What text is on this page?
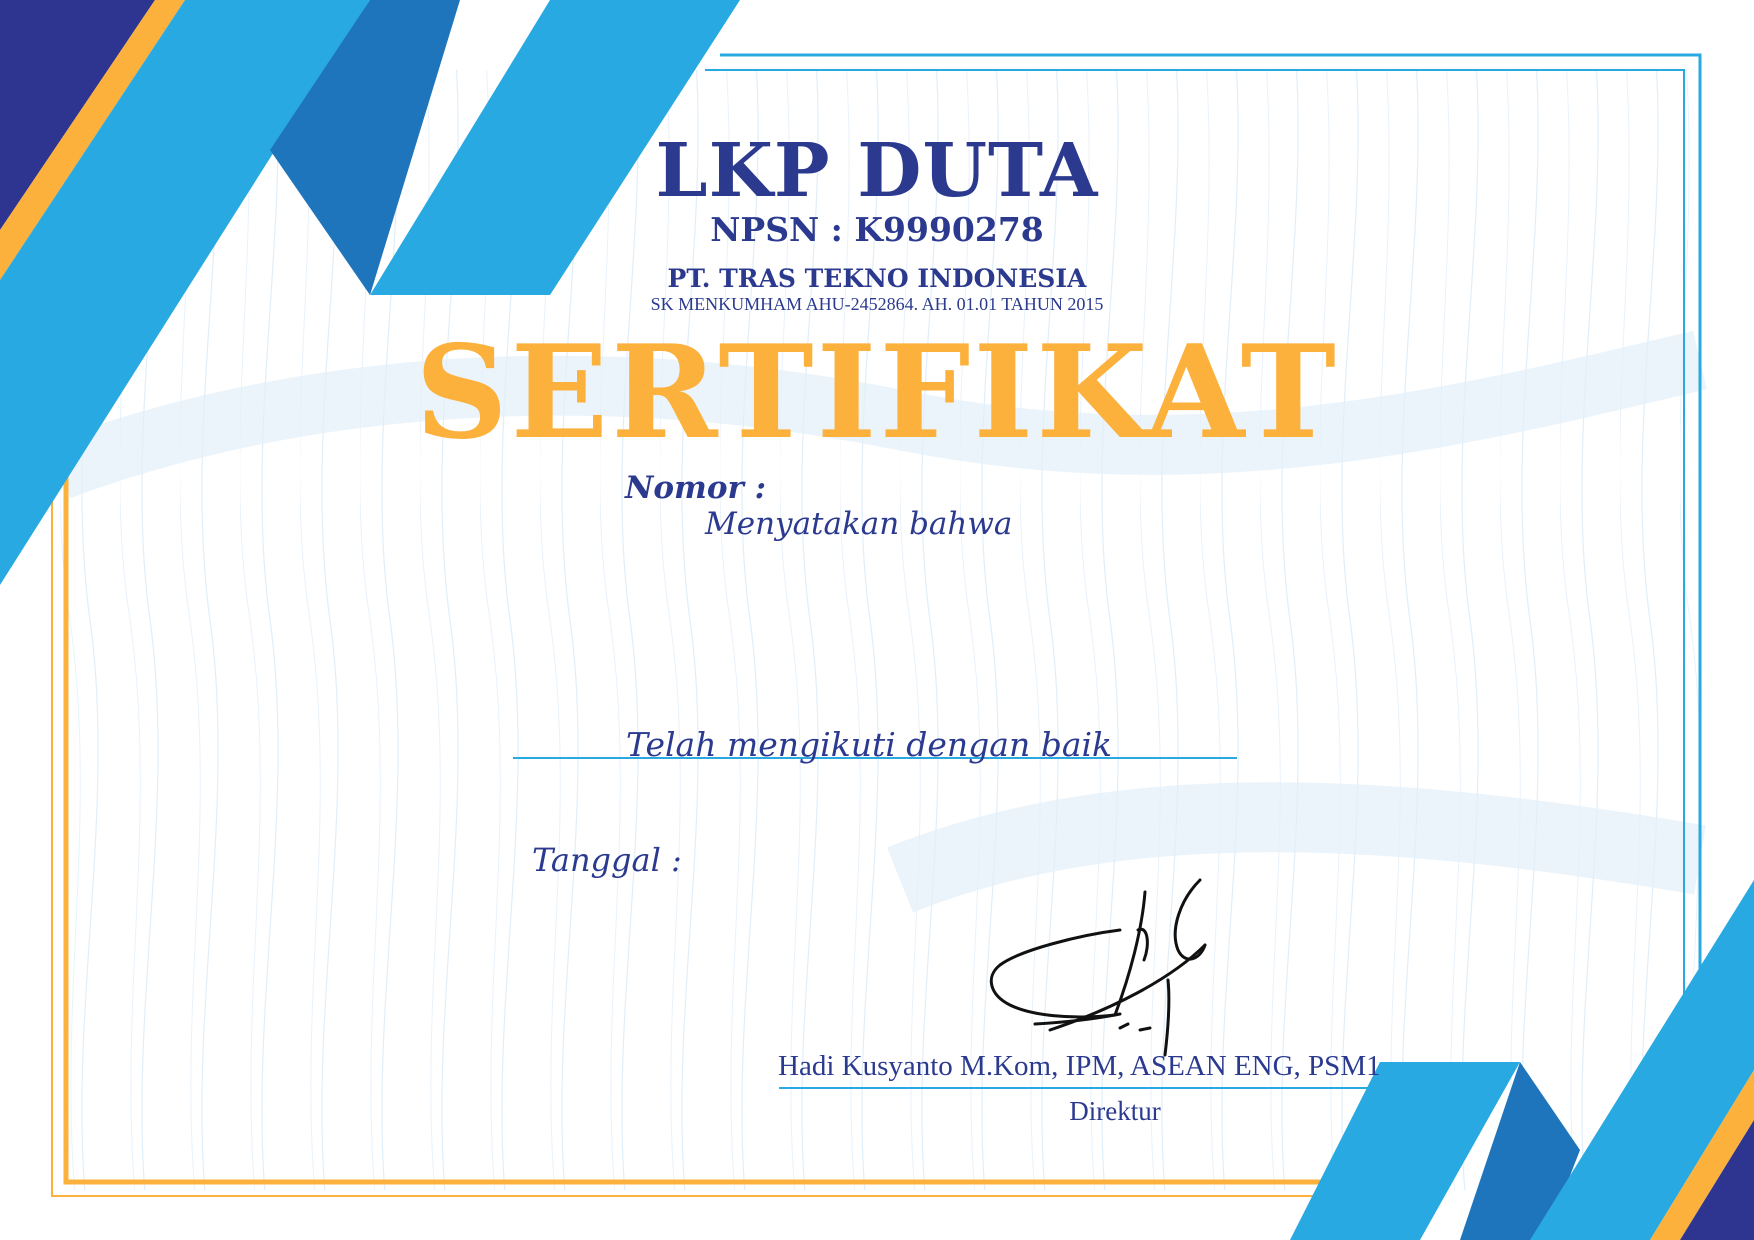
LKP DUTA

NPSN : K9990278

PT. TRAS TEKNO INDONESIA

SK MENKUMHAM AHU-2452864. AH. 01.01 TAHUN 2015

SERTIFIKAT

Nomor :

Menyatakan bahwa

Telah mengikuti dengan baik

Tanggal :

Hadi Kusyanto M.Kom, IPM, ASEAN ENG, PSM1

Direktur
